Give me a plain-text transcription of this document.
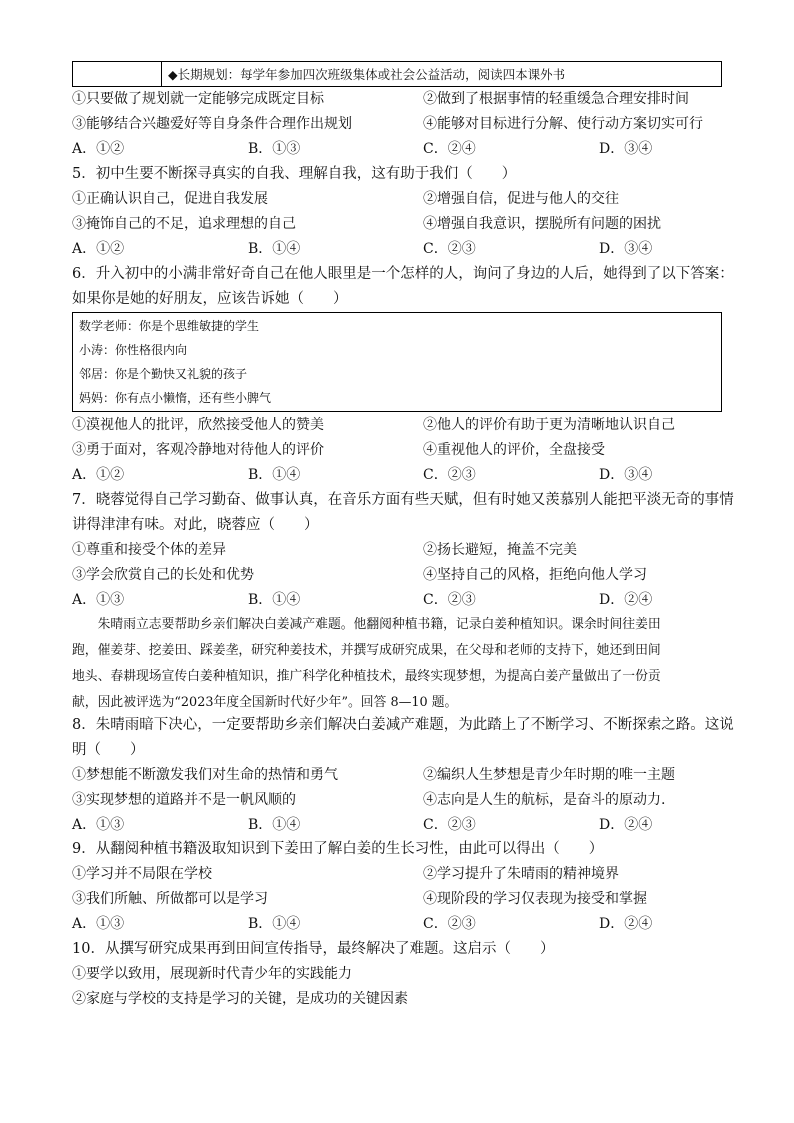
	◆长期规划：每学年参加四次班级集体或社会公益活动，阅读四本课外书
①只要做了规划就一定能够完成既定目标	②做到了根据事情的轻重缓急合理安排时间
③能够结合兴趣爱好等自身条件合理作出规划	④能够对目标进行分解、使行动方案切实可行
A．①②	B．①③	C．②④	D．③④
5．初中生要不断探寻真实的自我、理解自我，这有助于我们（　　）
①正确认识自己，促进自我发展	②增强自信，促进与他人的交往
③掩饰自己的不足，追求理想的自己	④增强自我意识，摆脱所有问题的困扰
A．①②	B．①④	C．②③	D．③④
6．升入初中的小满非常好奇自己在他人眼里是一个怎样的人，询问了身边的人后，她得到了以下答案：
如果你是她的好朋友，应该告诉她（　　）
数学老师：你是个思维敏捷的学生
小涛：你性格很内向
邻居：你是个勤快又礼貌的孩子
妈妈：你有点小懒惰，还有些小脾气
①漠视他人的批评，欣然接受他人的赞美	②他人的评价有助于更为清晰地认识自己
③勇于面对，客观冷静地对待他人的评价	④重视他人的评价，全盘接受
A．①②	B．①④	C．②③	D．③④
7．晓蓉觉得自己学习勤奋、做事认真，在音乐方面有些天赋，但有时她又羡慕别人能把平淡无奇的事情
讲得津津有味。对此，晓蓉应（　　）
①尊重和接受个体的差异	②扬长避短，掩盖不完美
③学会欣赏自己的长处和优势	④坚持自己的风格，拒绝向他人学习
A．①③	B．①④	C．②③	D．②④
　　朱晴雨立志要帮助乡亲们解决白姜减产难题。他翻阅种植书籍，记录白姜种植知识。课余时间往姜田
跑，催姜芽、挖姜田、踩姜垄，研究种姜技术，并撰写成研究成果，在父母和老师的支持下，她还到田间
地头、春耕现场宣传白姜种植知识，推广科学化种植技术，最终实现梦想，为提高白姜产量做出了一份贡
献，因此被评选为“2023年度全国新时代好少年”。回答 8—10 题。
8．朱晴雨暗下决心，一定要帮助乡亲们解决白姜减产难题，为此踏上了不断学习、不断探索之路。这说
明（　　）
①梦想能不断激发我们对生命的热情和勇气	②编织人生梦想是青少年时期的唯一主题
③实现梦想的道路并不是一帆风顺的	④志向是人生的航标，是奋斗的原动力.
A．①③	B．①④	C．②③	D．②④
9．从翻阅种植书籍汲取知识到下姜田了解白姜的生长习性，由此可以得出（　　）
①学习并不局限在学校	②学习提升了朱晴雨的精神境界
③我们所触、所做都可以是学习	④现阶段的学习仅表现为接受和掌握
A．①③	B．①④	C．②③	D．②④
10．从撰写研究成果再到田间宣传指导，最终解决了难题。这启示（　　）
①要学以致用，展现新时代青少年的实践能力
②家庭与学校的支持是学习的关键，是成功的关键因素
